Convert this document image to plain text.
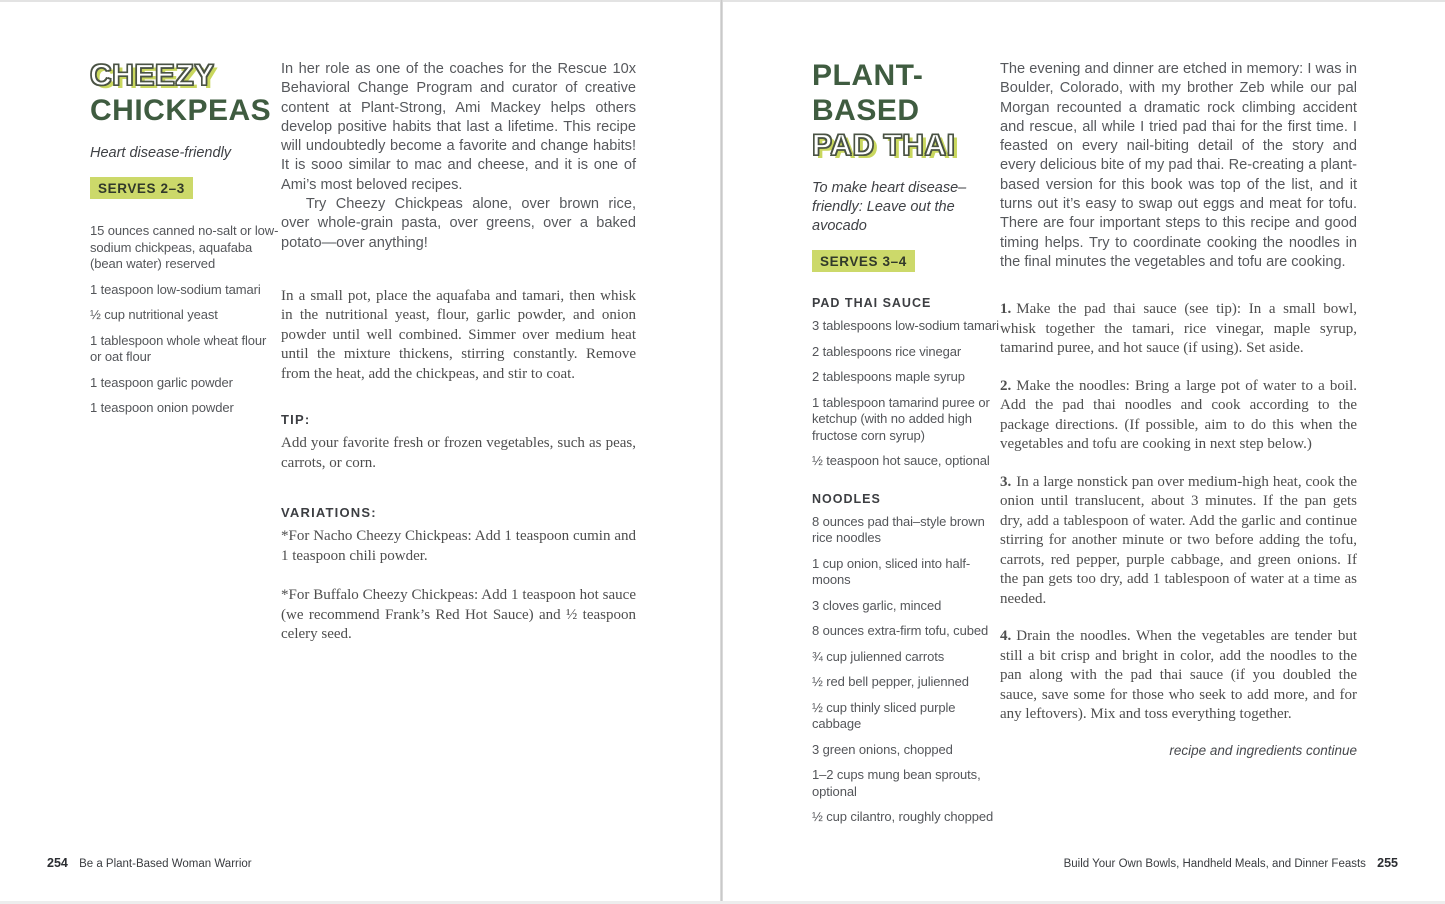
CHEEZY
CHICKPEAS
Heart disease-friendly
SERVES 2–3
15 ounces canned no-salt or low-sodium chickpeas, aquafaba (bean water) reserved
1 teaspoon low-sodium tamari
½ cup nutritional yeast
1 tablespoon whole wheat flour or oat flour
1 teaspoon garlic powder
1 teaspoon onion powder

In her role as one of the coaches for the Rescue 10x Behavioral Change Program and curator of creative content at Plant-Strong, Ami Mackey helps others develop positive habits that last a lifetime. This recipe will undoubtedly become a favorite and change habits! It is sooo similar to mac and cheese, and it is one of Ami’s most beloved recipes.

Try Cheezy Chickpeas alone, over brown rice, over whole-grain pasta, over greens, over a baked potato—over anything!

In a small pot, place the aquafaba and tamari, then whisk in the nutritional yeast, flour, garlic powder, and onion powder until well combined. Simmer over medium heat until the mixture thickens, stirring constantly. Remove from the heat, add the chickpeas, and stir to coat.

TIP:

Add your favorite fresh or frozen vegetables, such as peas, carrots, or corn.

VARIATIONS:

*For Nacho Cheezy Chickpeas: Add 1 teaspoon cumin and 1 teaspoon chili powder.

*For Buffalo Cheezy Chickpeas: Add 1 teaspoon hot sauce (we recommend Frank’s Red Hot Sauce) and ½ teaspoon celery seed.

254 Be a Plant-Based Woman Warrior
PLANT-
BASED
PAD THAI
To make heart disease–friendly: Leave out the avocado
SERVES 3–4
PAD THAI SAUCE
3 tablespoons low-sodium tamari
2 tablespoons rice vinegar
2 tablespoons maple syrup
1 tablespoon tamarind puree or ketchup (with no added high fructose corn syrup)
½ teaspoon hot sauce, optional
NOODLES
8 ounces pad thai–style brown rice noodles
1 cup onion, sliced into half-moons
3 cloves garlic, minced
8 ounces extra-firm tofu, cubed
¾ cup julienned carrots
½ red bell pepper, julienned
½ cup thinly sliced purple cabbage
3 green onions, chopped
1–2 cups mung bean sprouts, optional
½ cup cilantro, roughly chopped

The evening and dinner are etched in memory: I was in Boulder, Colorado, with my brother Zeb while our pal Morgan recounted a dramatic rock climbing accident and rescue, all while I tried pad thai for the first time. I feasted on every nail-biting detail of the story and every delicious bite of my pad thai. Re-creating a plant-based version for this book was top of the list, and it turns out it’s easy to swap out eggs and meat for tofu. There are four important steps to this recipe and good timing helps. Try to coordinate cooking the noodles in the final minutes the vegetables and tofu are cooking.

1. Make the pad thai sauce (see tip): In a small bowl, whisk together the tamari, rice vinegar, maple syrup, tamarind puree, and hot sauce (if using). Set aside.

2. Make the noodles: Bring a large pot of water to a boil. Add the pad thai noodles and cook according to the package directions. (If possible, aim to do this when the vegetables and tofu are cooking in next step below.)

3. In a large nonstick pan over medium-high heat, cook the onion until translucent, about 3 minutes. If the pan gets dry, add a tablespoon of water. Add the garlic and continue stirring for another minute or two before adding the tofu, carrots, red pepper, purple cabbage, and green onions. If the pan gets too dry, add 1 tablespoon of water at a time as needed.

4. Drain the noodles. When the vegetables are tender but still a bit crisp and bright in color, add the noodles to the pan along with the pad thai sauce (if you doubled the sauce, save some for those who seek to add more, and for any leftovers). Mix and toss everything together.

recipe and ingredients continue
Build Your Own Bowls, Handheld Meals, and Dinner Feasts 255
